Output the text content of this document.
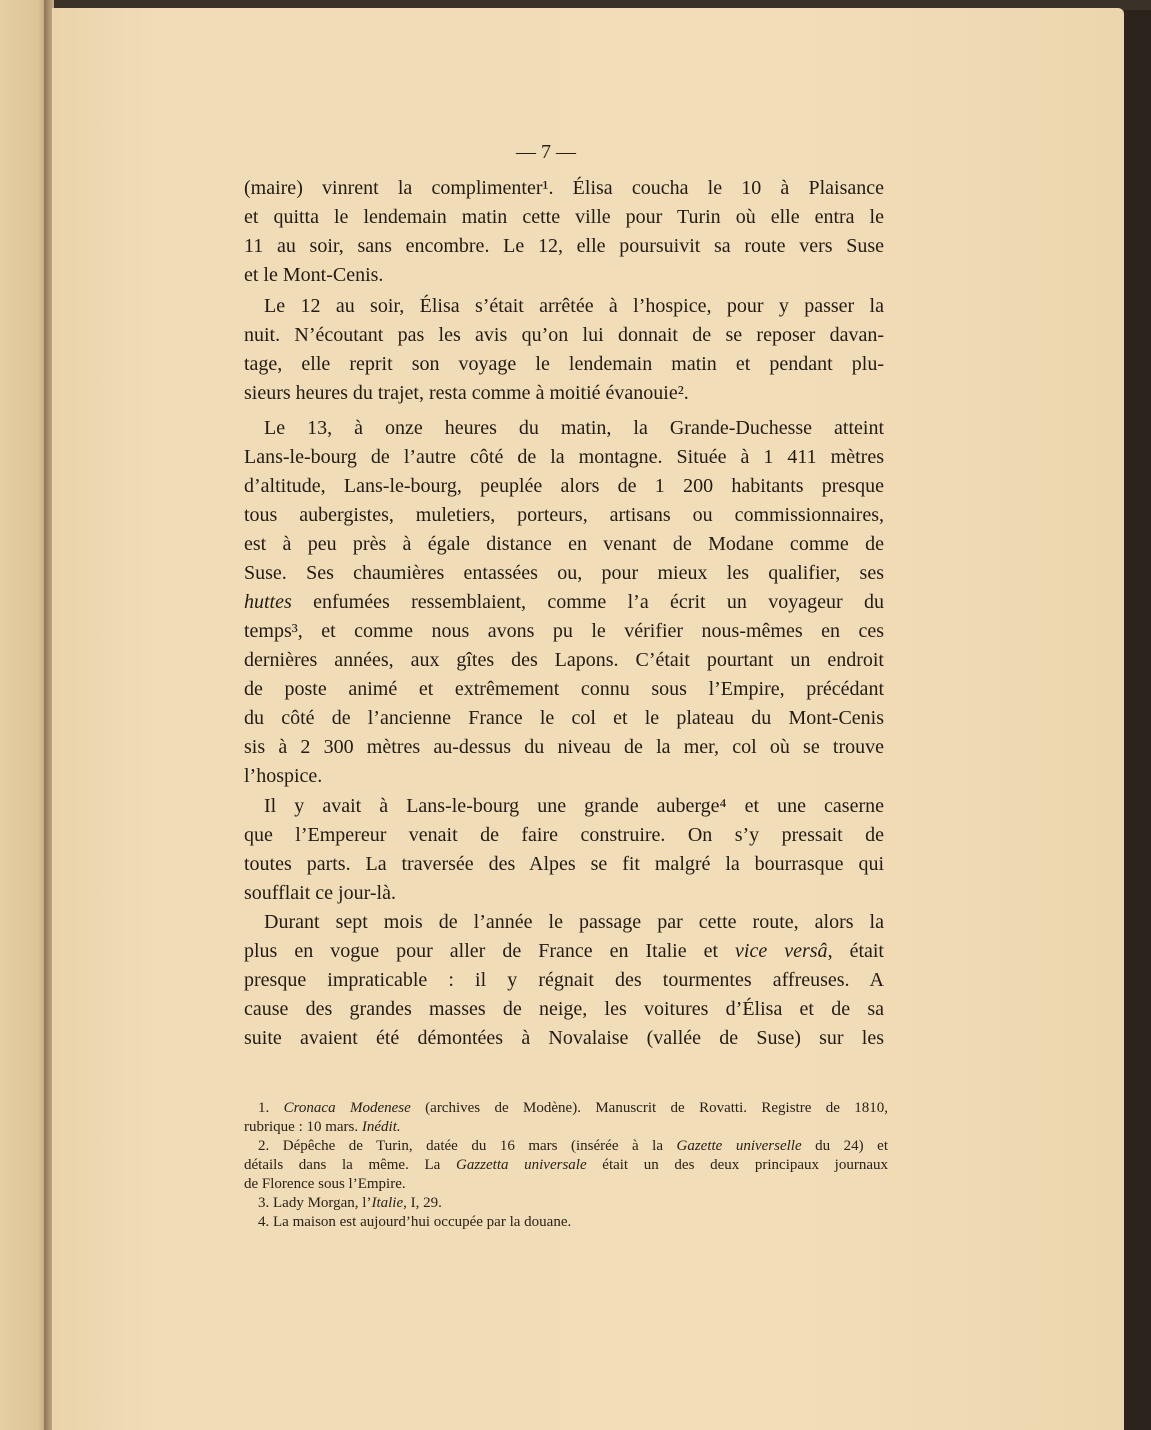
— 7 —
(maire) vinrent la complimenter¹. Élisa coucha le 10 à Plaisance
et quitta le lendemain matin cette ville pour Turin où elle entra le
11 au soir, sans encombre. Le 12, elle poursuivit sa route vers Suse
et le Mont-Cenis.
Le 12 au soir, Élisa s’était arrêtée à l’hospice, pour y passer la
nuit. N’écoutant pas les avis qu’on lui donnait de se reposer davan-
tage, elle reprit son voyage le lendemain matin et pendant plu-
sieurs heures du trajet, resta comme à moitié évanouie².
Le 13, à onze heures du matin, la Grande-Duchesse atteint
Lans-le-bourg de l’autre côté de la montagne. Située à 1 411 mètres
d’altitude, Lans-le-bourg, peuplée alors de 1 200 habitants presque
tous aubergistes, muletiers, porteurs, artisans ou commissionnaires,
est à peu près à égale distance en venant de Modane comme de
Suse. Ses chaumières entassées ou, pour mieux les qualifier, ses
huttes enfumées ressemblaient, comme l’a écrit un voyageur du
temps³, et comme nous avons pu le vérifier nous-mêmes en ces
dernières années, aux gîtes des Lapons. C’était pourtant un endroit
de poste animé et extrêmement connu sous l’Empire, précédant
du côté de l’ancienne France le col et le plateau du Mont-Cenis
sis à 2 300 mètres au-dessus du niveau de la mer, col où se trouve
l’hospice.
Il y avait à Lans-le-bourg une grande auberge⁴ et une caserne
que l’Empereur venait de faire construire. On s’y pressait de
toutes parts. La traversée des Alpes se fit malgré la bourrasque qui
soufflait ce jour-là.
Durant sept mois de l’année le passage par cette route, alors la
plus en vogue pour aller de France en Italie et vice versâ, était
presque impraticable : il y régnait des tourmentes affreuses. A
cause des grandes masses de neige, les voitures d’Élisa et de sa
suite avaient été démontées à Novalaise (vallée de Suse) sur les
1. Cronaca Modenese (archives de Modène). Manuscrit de Rovatti. Registre de 1810,
rubrique : 10 mars. Inédit.
2. Dépêche de Turin, datée du 16 mars (insérée à la Gazette universelle du 24) et
détails dans la même. La Gazzetta universale était un des deux principaux journaux
de Florence sous l’Empire.
3. Lady Morgan, l’Italie, I, 29.
4. La maison est aujourd’hui occupée par la douane.
